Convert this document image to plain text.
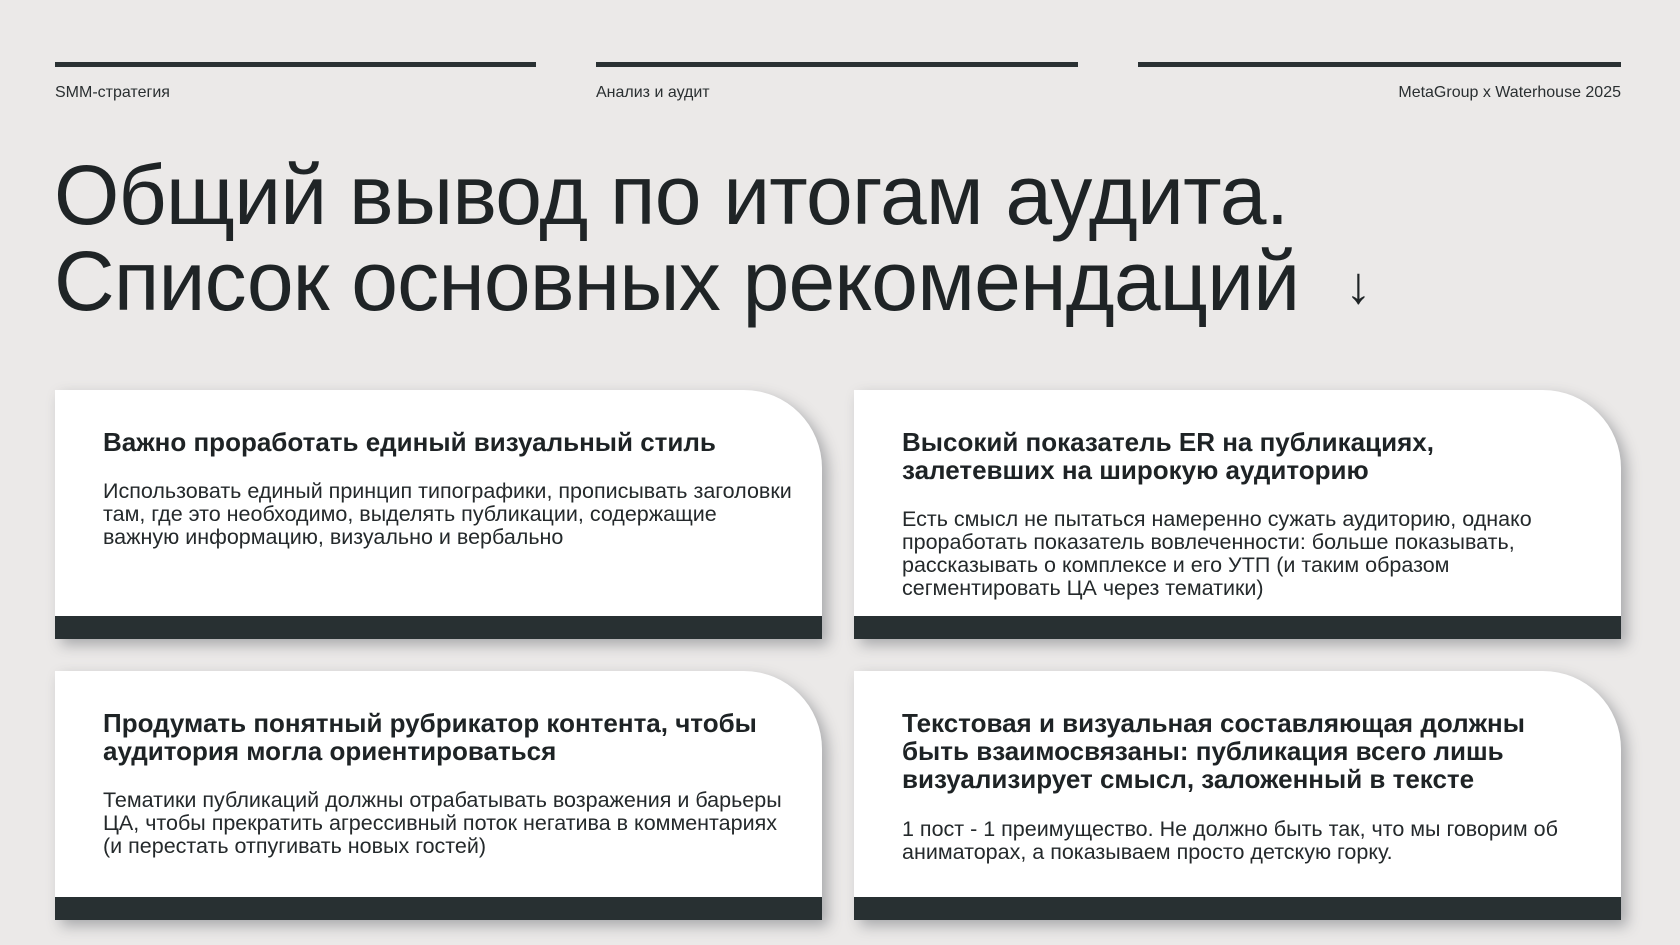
SMM-стратегия	Анализ и аудит	MetaGroup x Waterhouse 2025
Общий вывод по итогам аудита.
Список основных рекомендаций ↓
Важно проработать единый визуальный стиль

Использовать единый принцип типографики, прописывать заголовки там, где это необходимо, выделять публикации, содержащие важную информацию, визуально и вербально

Высокий показатель ER на публикациях, залетевших на широкую аудиторию

Есть смысл не пытаться намеренно сужать аудиторию, однако проработать показатель вовлеченности: больше показывать, рассказывать о комплексе и его УТП (и таким образом сегментировать ЦА через тематики)

Продумать понятный рубрикатор контента, чтобы аудитория могла ориентироваться

Тематики публикаций должны отрабатывать возражения и барьеры ЦА, чтобы прекратить агрессивный поток негатива в комментариях (и перестать отпугивать новых гостей)

Текстовая и визуальная составляющая должны быть взаимосвязаны: публикация всего лишь визуализирует смысл, заложенный в тексте

1 пост - 1 преимущество. Не должно быть так, что мы говорим об аниматорах, а показываем просто детскую горку.
